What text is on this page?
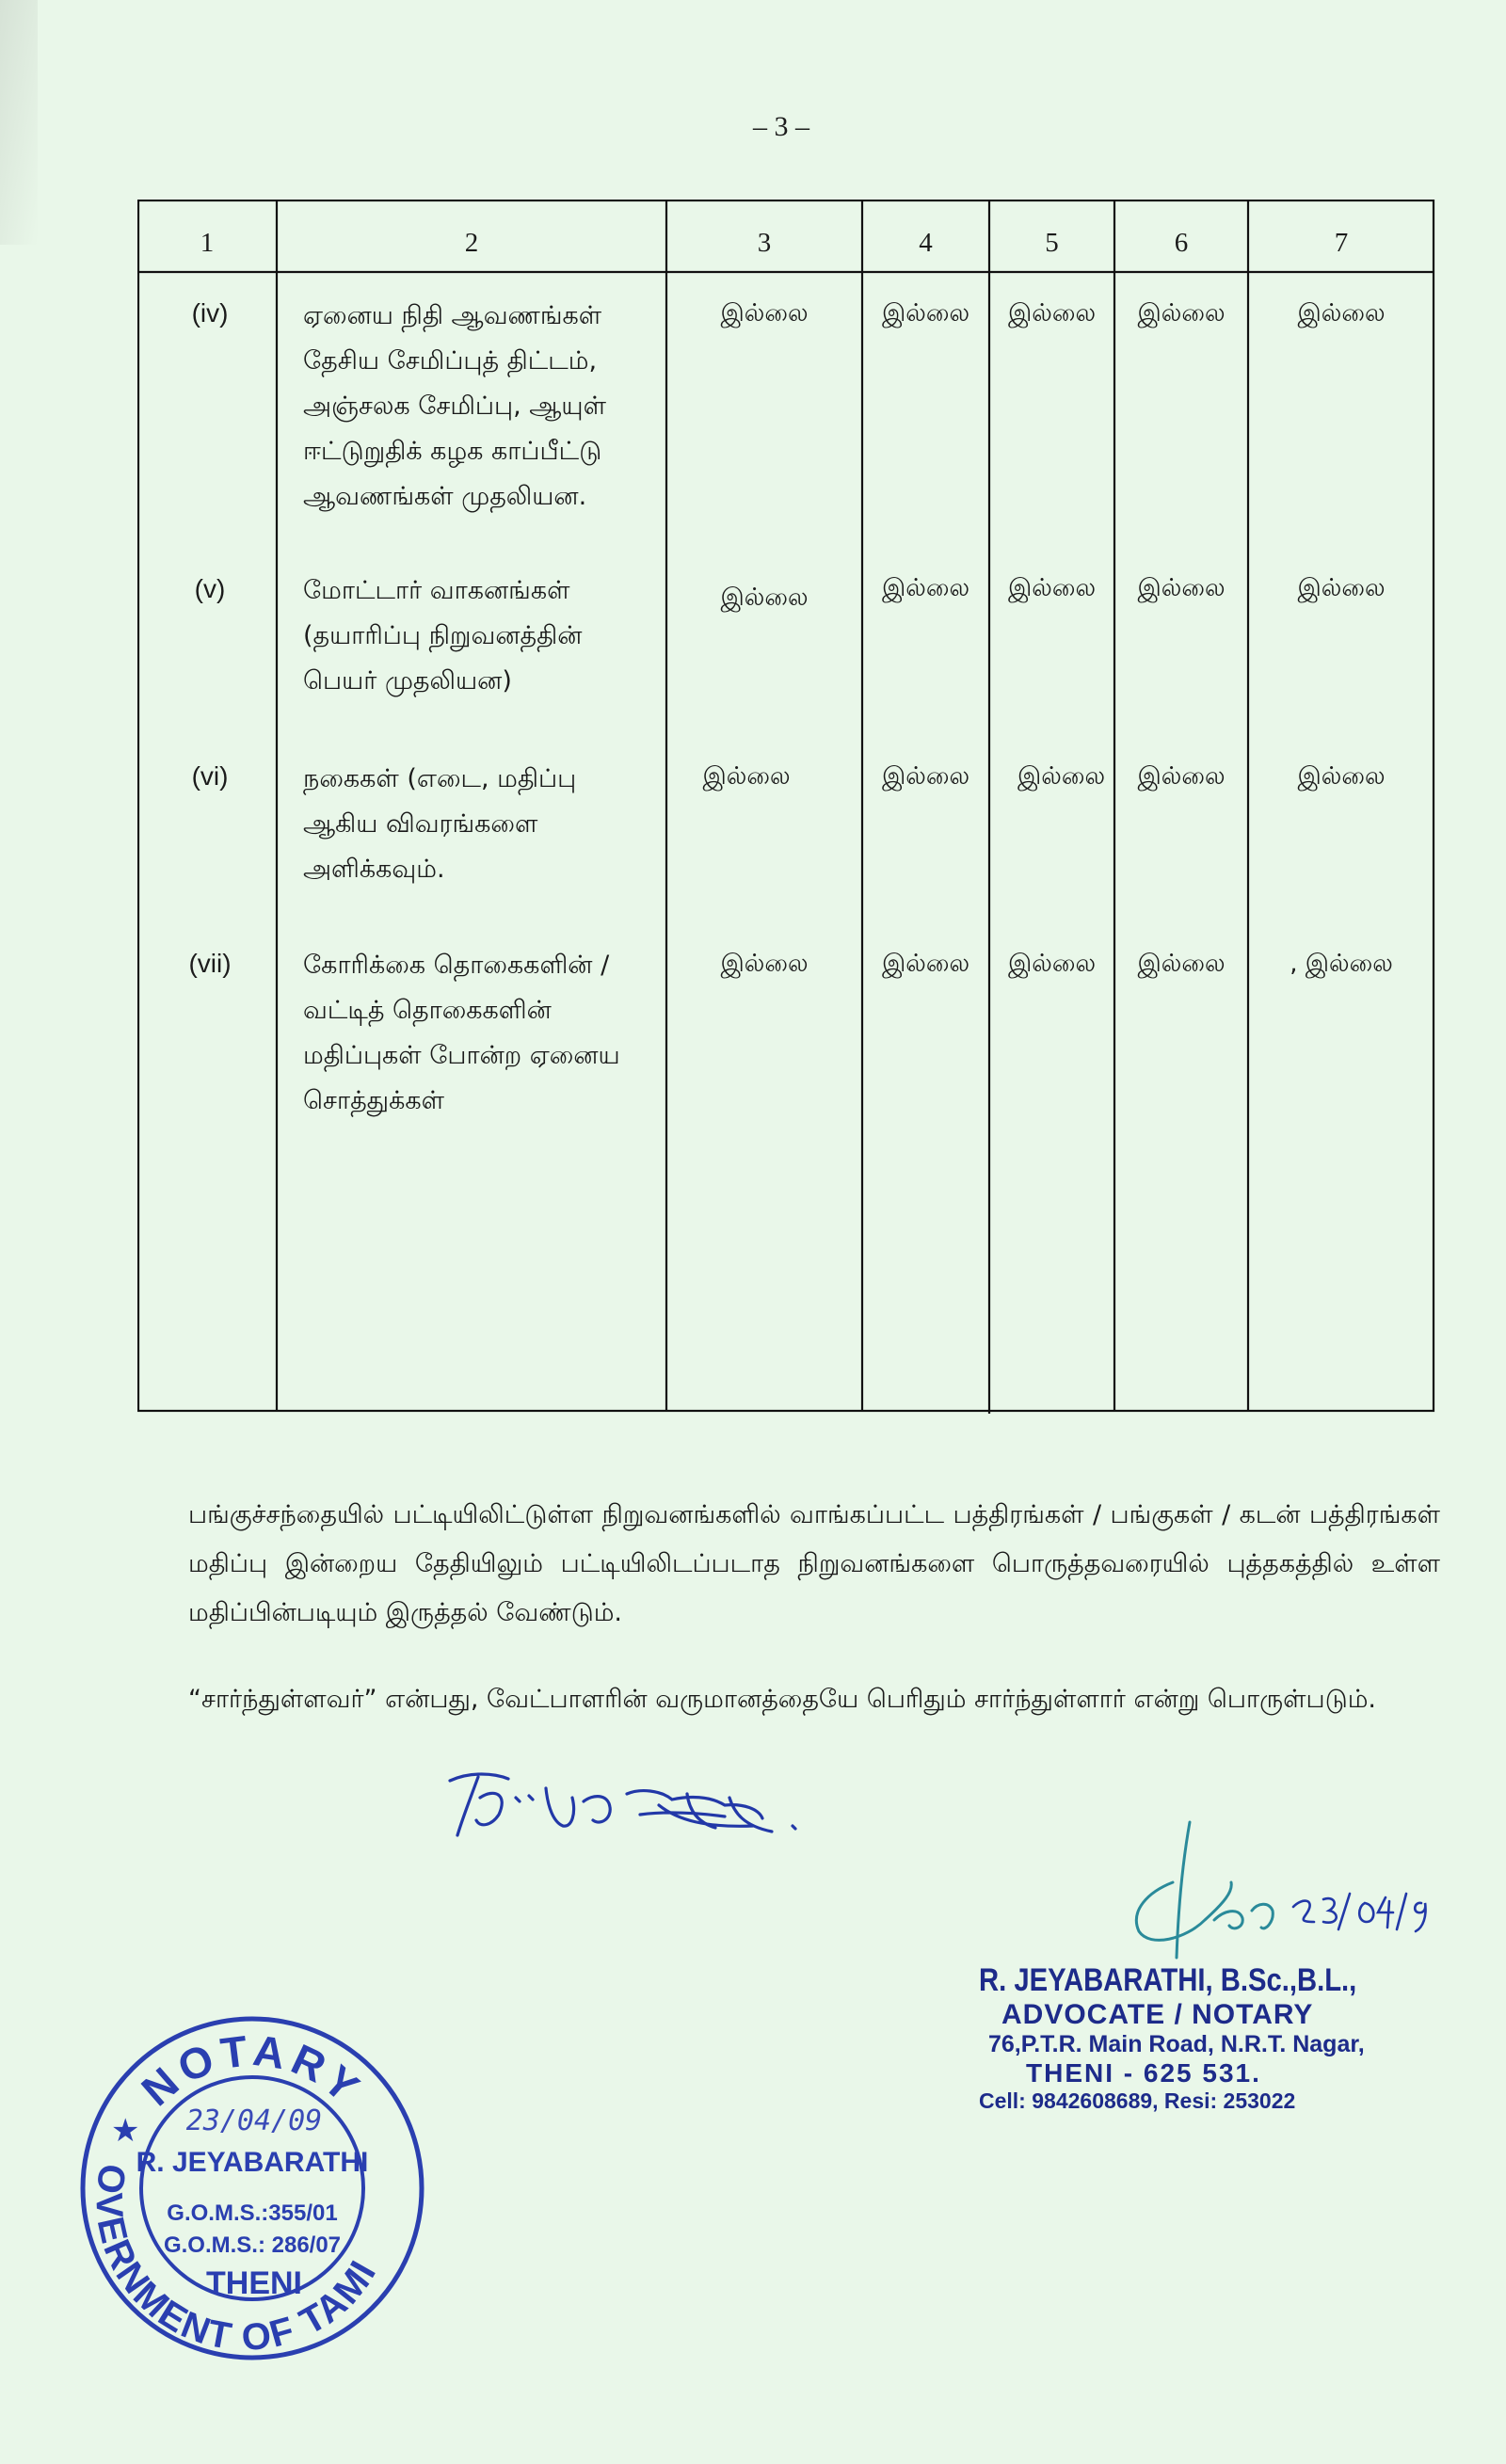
– 3 –
1	2	3	4	5	6	7
(iv)	ஏனைய நிதி ஆவணங்கள்
தேசிய சேமிப்புத் திட்டம்,
அஞ்சலக சேமிப்பு, ஆயுள்
ஈட்டுறுதிக் கழக காப்பீட்டு
ஆவணங்கள் முதலியன.
இல்லை	இல்லை	இல்லை	இல்லை	இல்லை
(v)	மோட்டார் வாகனங்கள்
(தயாரிப்பு நிறுவனத்தின்
பெயர் முதலியன)
இல்லை	இல்லை	இல்லை	இல்லை	இல்லை
(vi)	நகைகள் (எடை, மதிப்பு
ஆகிய விவரங்களை
அளிக்கவும்.
இல்லை	இல்லை	இல்லை	இல்லை	இல்லை
(vii)	கோரிக்கை தொகைகளின் /
வட்டித் தொகைகளின்
மதிப்புகள் போன்ற ஏனைய
சொத்துக்கள்
இல்லை	இல்லை	இல்லை	இல்லை	, இல்லை

பங்குச்சந்தையில் பட்டியிலிட்டுள்ள நிறுவனங்களில் வாங்கப்பட்ட பத்திரங்கள் / பங்குகள் / கடன் பத்திரங்கள் மதிப்பு இன்றைய தேதியிலும் பட்டியிலிடப்படாத நிறுவனங்களை பொருத்தவரையில் புத்தகத்தில் உள்ள மதிப்பின்படியும் இருத்தல் வேண்டும்.

“சார்ந்துள்ளவர்” என்பது, வேட்பாளரின் வருமானத்தையே பெரிதும் சார்ந்துள்ளார் என்று பொருள்படும்.

R. JEYABARATHI, B.Sc.,B.L.,
ADVOCATE / NOTARY
76,P.T.R. Main Road, N.R.T. Nagar,
THENI - 625 531.
Cell: 9842608689, Resi: 253022
NOTARY
OVERNMENT OF TAMI
★ 23/04/09
R. JEYABARATHI
G.O.M.S.:355/01
G.O.M.S.: 286/07
THENI
